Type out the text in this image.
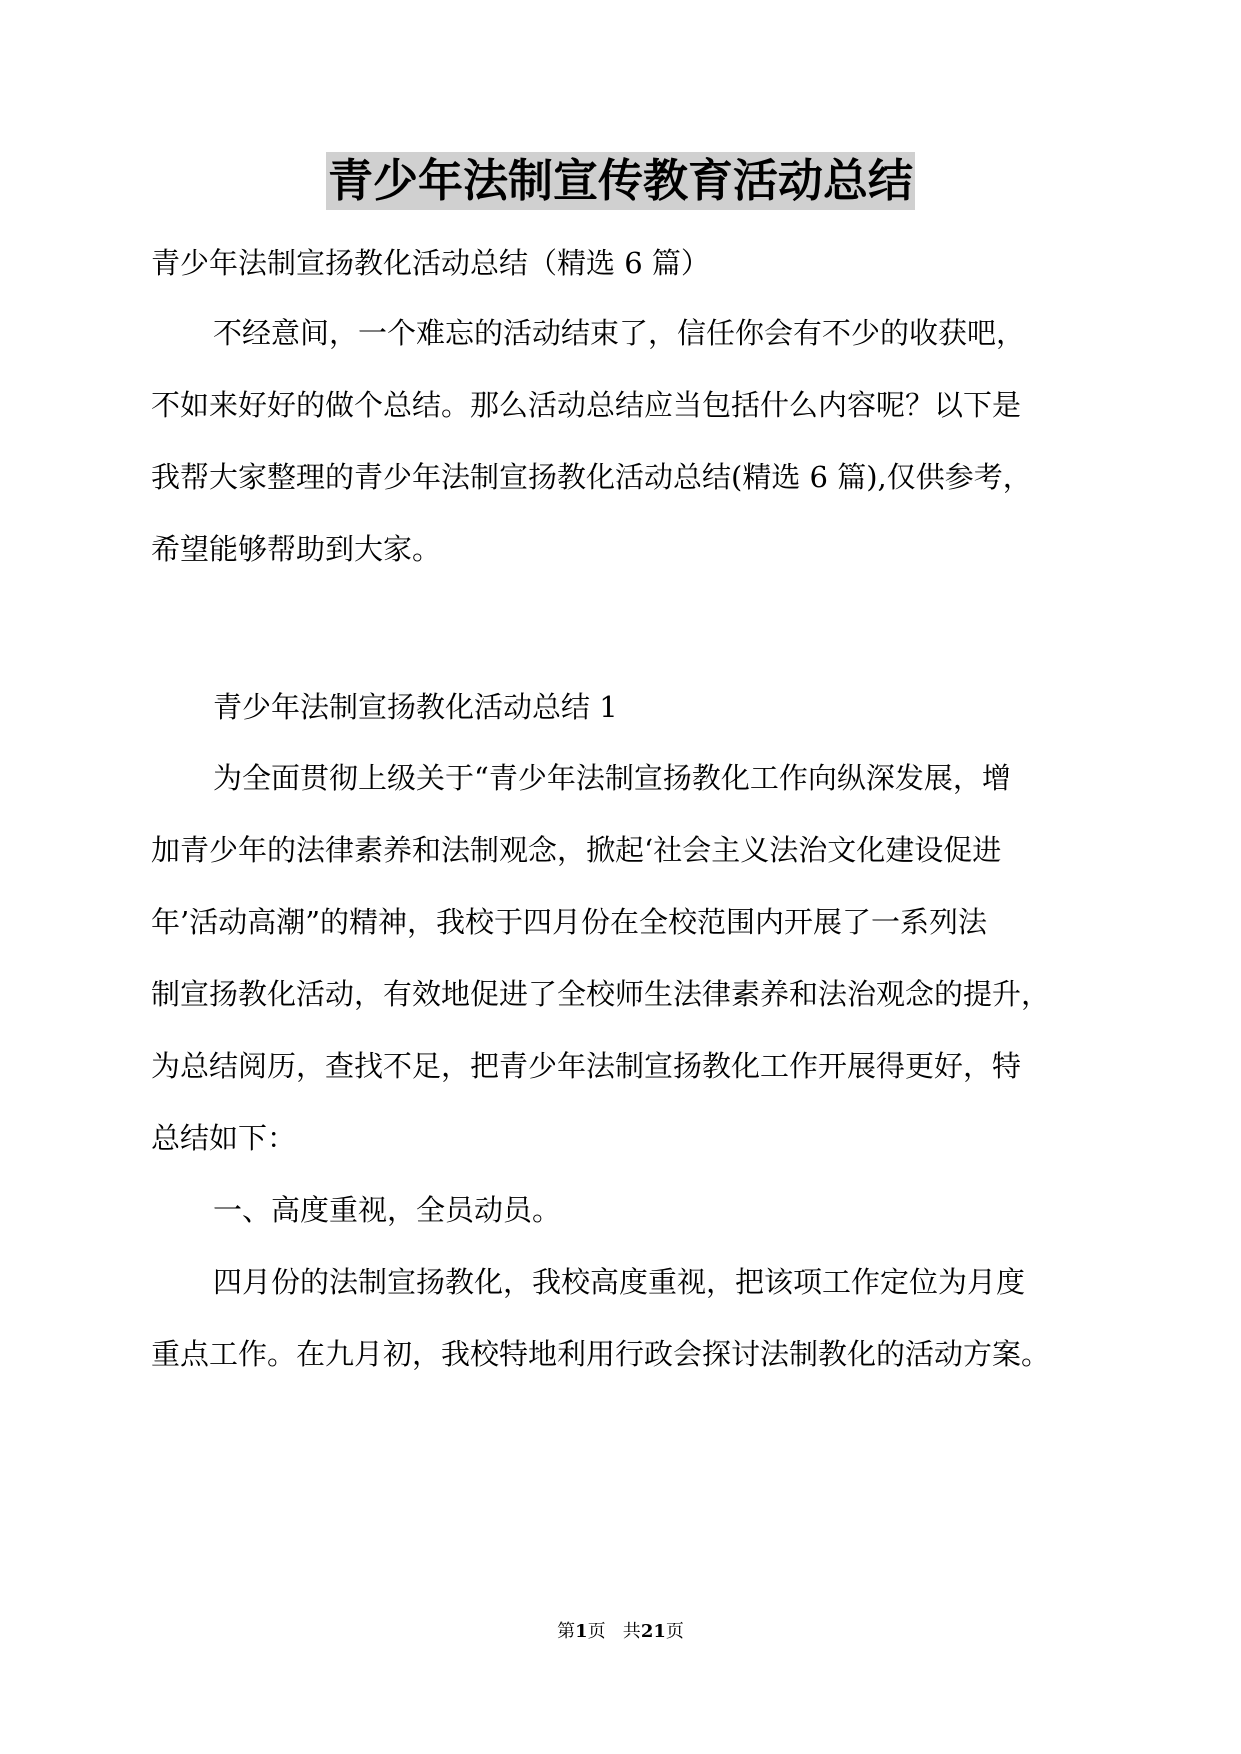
青少年法制宣传教育活动总结
青少年法制宣扬教化活动总结（精选 6 篇）
不经意间，一个难忘的活动结束了，信任你会有不少的收获吧，
不如来好好的做个总结。那么活动总结应当包括什么内容呢？以下是
我帮大家整理的青少年法制宣扬教化活动总结(精选 6 篇),仅供参考，
希望能够帮助到大家。
青少年法制宣扬教化活动总结 1
为全面贯彻上级关于“青少年法制宣扬教化工作向纵深发展，增
加青少年的法律素养和法制观念，掀起‘社会主义法治文化建设促进
年’活动高潮”的精神，我校于四月份在全校范围内开展了一系列法
制宣扬教化活动，有效地促进了全校师生法律素养和法治观念的提升，
为总结阅历，查找不足，把青少年法制宣扬教化工作开展得更好，特
总结如下：
一、高度重视，全员动员。
四月份的法制宣扬教化，我校高度重视，把该项工作定位为月度
重点工作。在九月初，我校特地利用行政会探讨法制教化的活动方案。
第1页   共21页
